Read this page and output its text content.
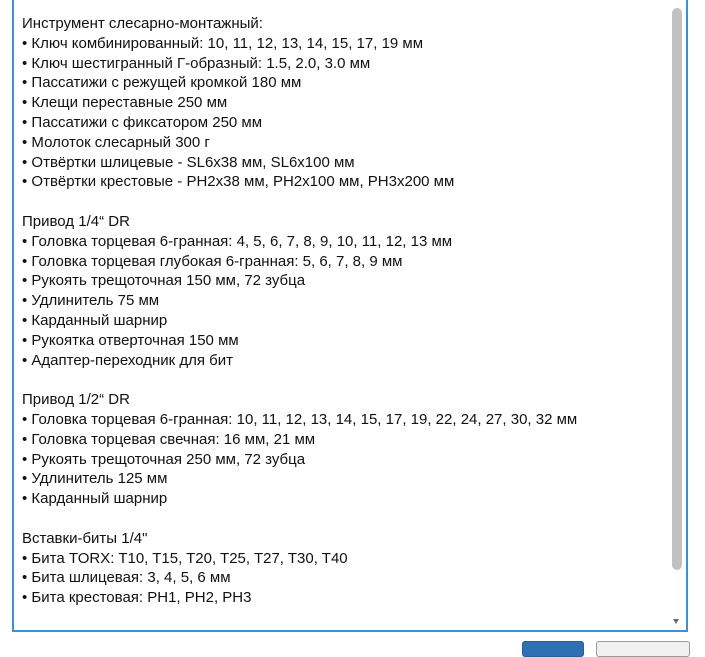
Инструмент слесарно-монтажный:
• Ключ комбинированный: 10, 11, 12, 13, 14, 15, 17, 19 мм
• Ключ шестигранный Г-образный: 1.5, 2.0, 3.0 мм
• Пассатижи с режущей кромкой 180 мм
• Клещи переставные 250 мм
• Пассатижи с фиксатором 250 мм
• Молоток слесарный 300 г
• Отвёртки шлицевые - SL6x38 мм, SL6x100 мм
• Отвёртки крестовые - PH2x38 мм, PH2x100 мм, PH3x200 мм
Привод 1/4“ DR
• Головка торцевая 6-гранная: 4, 5, 6, 7, 8, 9, 10, 11, 12, 13 мм
• Головка торцевая глубокая 6-гранная: 5, 6, 7, 8, 9 мм
• Рукоять трещоточная 150 мм, 72 зубца
• Удлинитель 75 мм
• Карданный шарнир
• Рукоятка отверточная 150 мм
• Адаптер-переходник для бит
Привод 1/2“ DR
• Головка торцевая 6-гранная: 10, 11, 12, 13, 14, 15, 17, 19, 22, 24, 27, 30, 32 мм
• Головка торцевая свечная: 16 мм, 21 мм
• Рукоять трещоточная 250 мм, 72 зубца
• Удлинитель 125 мм
• Карданный шарнир
Вставки-биты 1/4"
• Бита TORX: T10, T15, T20, T25, T27, T30, T40
• Бита шлицевая: 3, 4, 5, 6 мм
• Бита крестовая: PH1, PH2, PH3
